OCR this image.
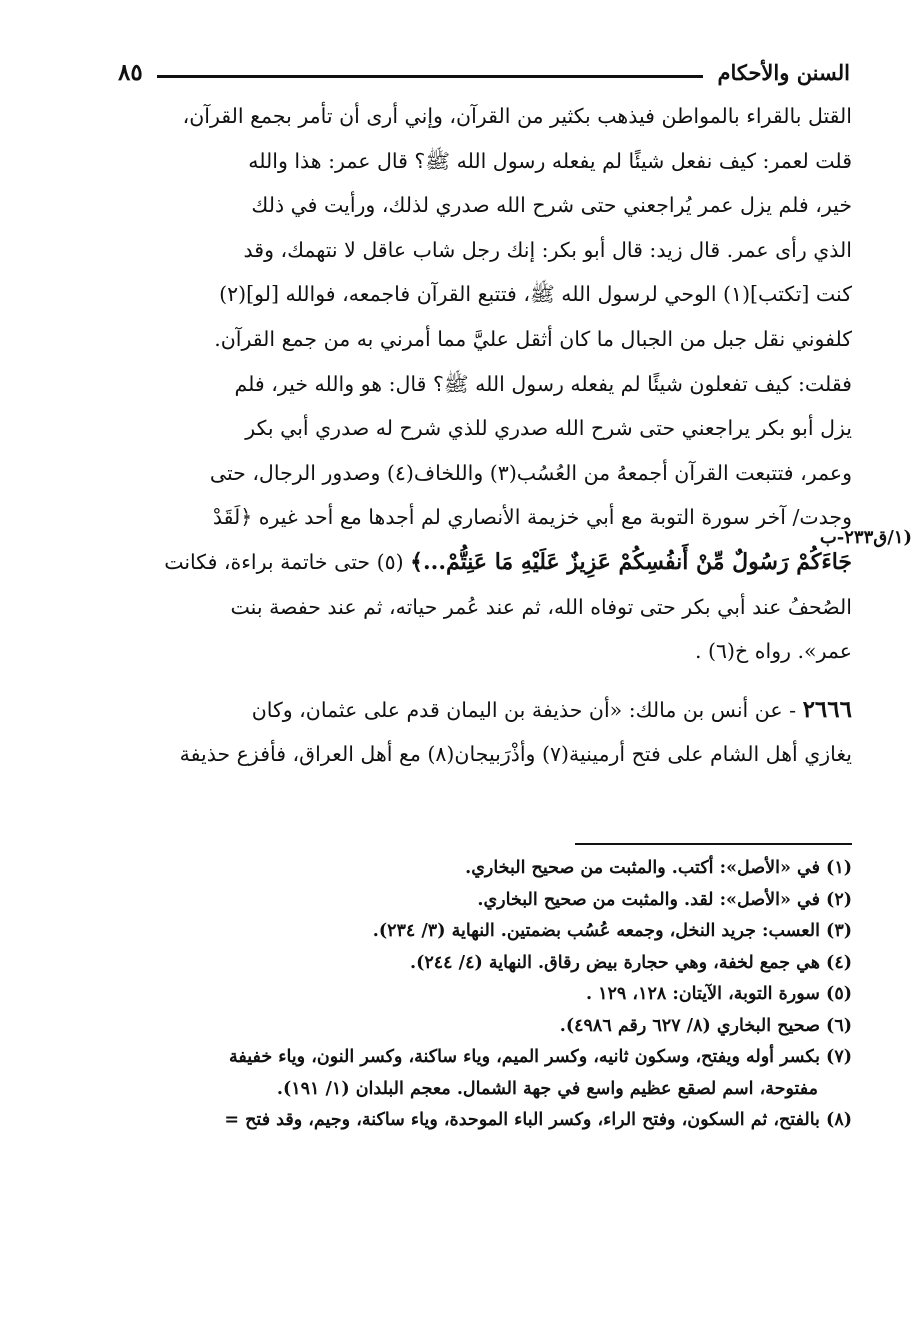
السنن والأحكام
٨٥
(١/ق٢٣٣-ب

القتل بالقراء بالمواطن فيذهب بكثير من القرآن، وإني أرى أن تأمر بجمع القرآن،

قلت لعمر: كيف نفعل شيئًا لم يفعله رسول الله ﷺ؟ قال عمر: هذا والله

خير، فلم يزل عمر يُراجعني حتى شرح الله صدري لذلك، ورأيت في ذلك

الذي رأى عمر. قال زيد: قال أبو بكر: إنك رجل شاب عاقل لا نتهمك، وقد

كنت [تكتب](١) الوحي لرسول الله ﷺ، فتتبع القرآن فاجمعه، فوالله [لو](٢)

كلفوني نقل جبل من الجبال ما كان أثقل عليَّ مما أمرني به من جمع القرآن.

فقلت: كيف تفعلون شيئًا لم يفعله رسول الله ﷺ؟ قال: هو والله خير، فلم

يزل أبو بكر يراجعني حتى شرح الله صدري للذي شرح له صدري أبي بكر

وعمر، فتتبعت القرآن أجمعهُ من العُسُب(٣) واللخاف(٤) وصدور الرجال، حتى

وجدت/ آخر سورة التوبة مع أبي خزيمة الأنصاري لم أجدها مع أحد غيره ﴿لَقَدْ

جَاءَكُمْ رَسُولٌ مِّنْ أَنفُسِكُمْ عَزِيزٌ عَلَيْهِ مَا عَنِتُّمْ...﴾ (٥) حتى خاتمة براءة، فكانت

الصُحفُ عند أبي بكر حتى توفاه الله، ثم عند عُمر حياته، ثم عند حفصة بنت

عمر». رواه خ(٦) .

٢٦٦٦ - عن أنس بن مالك: «أن حذيفة بن اليمان قدم على عثمان، وكان

يغازي أهل الشام على فتح أرمينية(٧) وأذْرَبيجان(٨) مع أهل العراق، فأفزع حذيفة

(١) في «الأصل»: أكتب. والمثبت من صحيح البخاري.

(٢) في «الأصل»: لقد. والمثبت من صحيح البخاري.

(٣) العسب: جريد النخل، وجمعه عُسُب بضمتين. النهاية (٣/ ٢٣٤).

(٤) هي جمع لخفة، وهي حجارة بيض رقاق. النهاية (٤/ ٢٤٤).

(٥) سورة التوبة، الآيتان: ١٢٨، ١٢٩ .

(٦) صحيح البخاري (٨/ ٦٢٧ رقم ٤٩٨٦).

(٧) بكسر أوله ويفتح، وسكون ثانيه، وكسر الميم، وياء ساكنة، وكسر النون، وياء خفيفة

مفتوحة، اسم لصقع عظيم واسع في جهة الشمال. معجم البلدان (١/ ١٩١).

(٨) بالفتح، ثم السكون، وفتح الراء، وكسر الباء الموحدة، وياء ساكنة، وجيم، وقد فتح =
